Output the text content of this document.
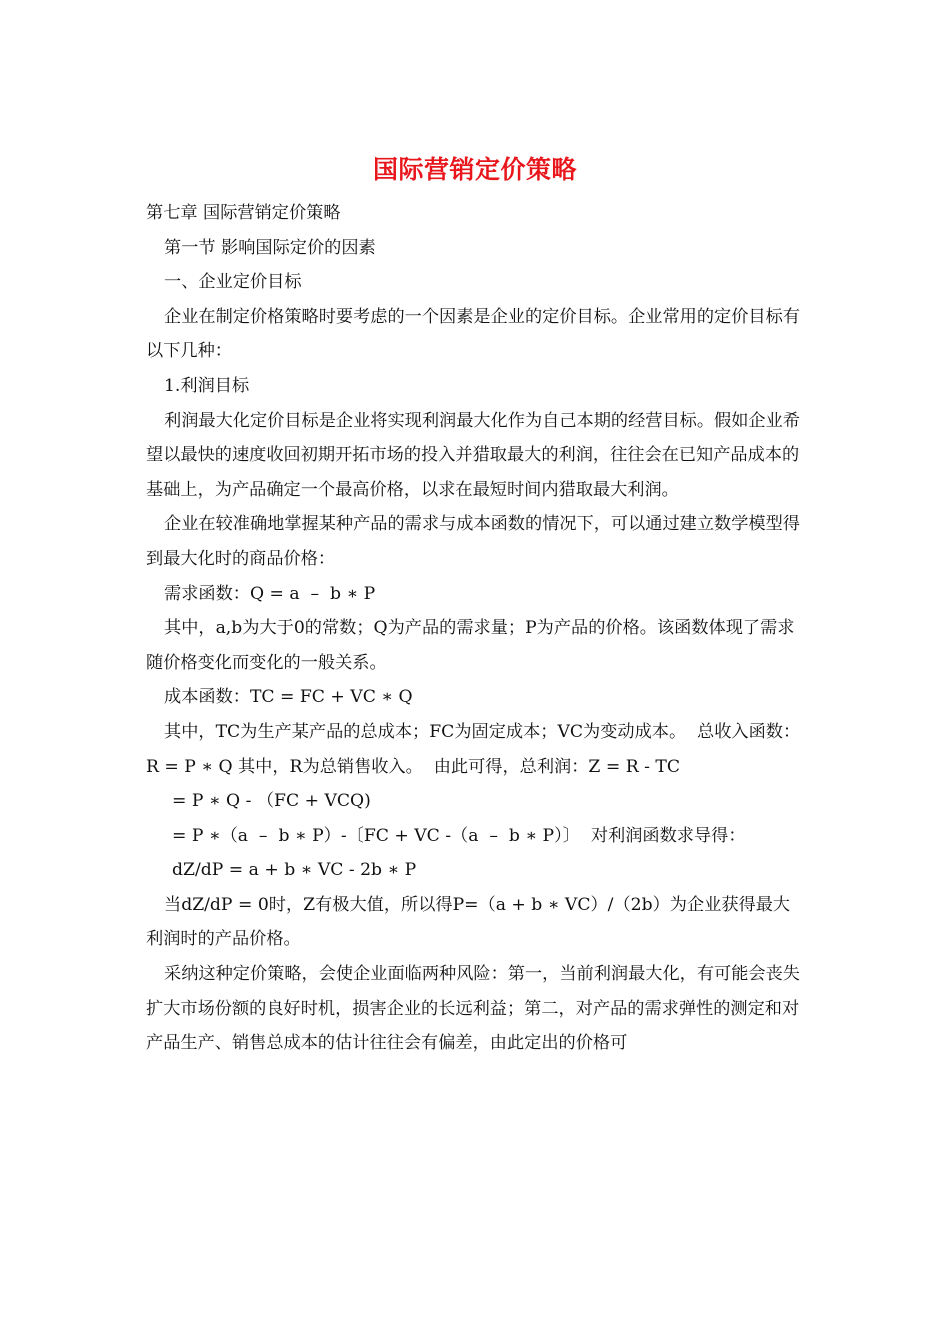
国际营销定价策略

第七章 国际营销定价策略

第一节 影响国际定价的因素

一、企业定价目标

企业在制定价格策略时要考虑的一个因素是企业的定价目标。企业常用的定价目标有以下几种：

1.利润目标

利润最大化定价目标是企业将实现利润最大化作为自己本期的经营目标。假如企业希望以最快的速度收回初期开拓市场的投入并猎取最大的利润，往往会在已知产品成本的基础上，为产品确定一个最高价格，以求在最短时间内猎取最大利润。

企业在较准确地掌握某种产品的需求与成本函数的情况下，可以通过建立数学模型得到最大化时的商品价格：

需求函数：Q = a  –  b ∗ P

其中，a,b为大于0的常数；Q为产品的需求量；P为产品的价格。该函数体现了需求随价格变化而变化的一般关系。

成本函数：TC = FC + VC ∗ Q

其中，TC为生产某产品的总成本；FC为固定成本；VC为变动成本。  总收入函数：R = P ∗ Q 其中，R为总销售收入。  由此可得，总利润：Z = R - TC

= P ∗ Q - （FC + VCQ)

= P ∗（a  –  b ∗ P）-〔FC + VC -（a  –  b ∗ P）〕  对利润函数求导得：

dZ/dP = a + b ∗ VC - 2b ∗ P

当dZ/dP = 0时，Z有极大值，所以得P=（a + b ∗ VC）/（2b）为企业获得最大利润时的产品价格。

采纳这种定价策略，会使企业面临两种风险：第一，当前利润最大化，有可能会丧失扩大市场份额的良好时机，损害企业的长远利益；第二，对产品的需求弹性的测定和对产品生产、销售总成本的估计往往会有偏差，由此定出的价格可
